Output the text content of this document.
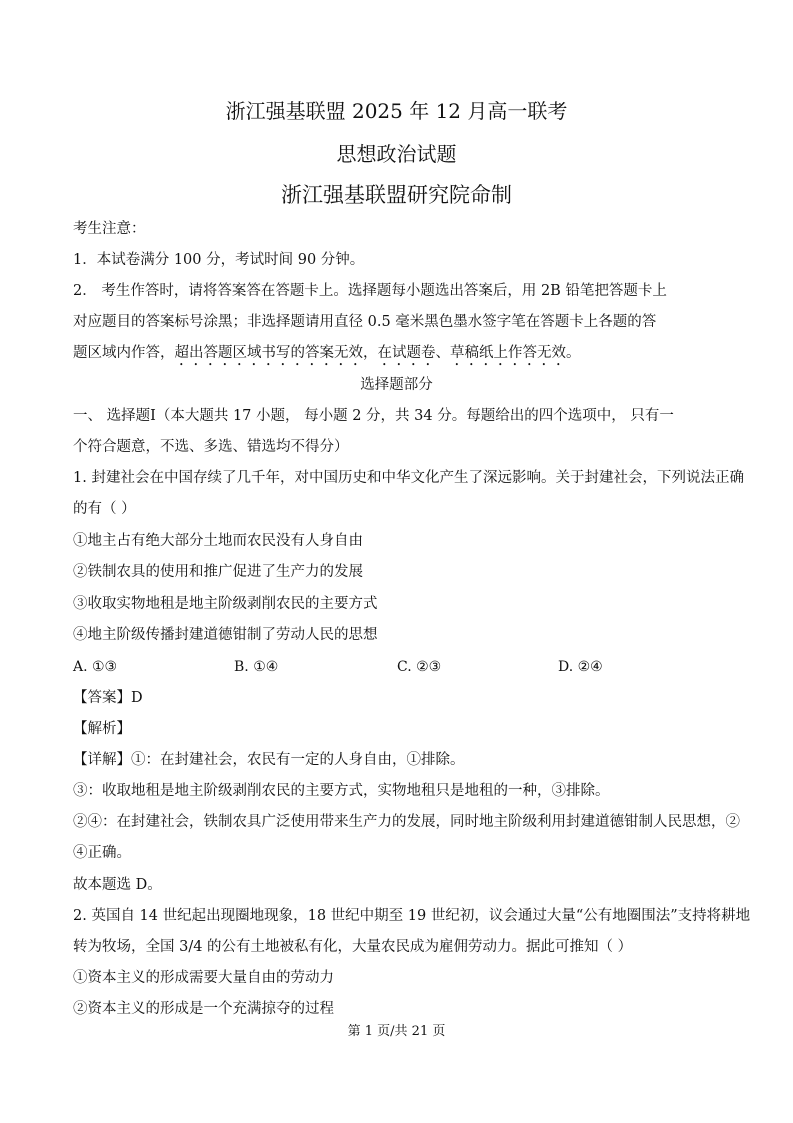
浙江强基联盟 2025 年 12 月高一联考
思想政治试题
浙江强基联盟研究院命制
考生注意：
1．本试卷满分 100 分，考试时间 90 分钟。
2． 考生作答时，请将答案答在答题卡上。选择题每小题选出答案后，用 2B 铅笔把答题卡上
对应题目的答案标号涂黑；非选择题请用直径 0.5 毫米黑色墨水签字笔在答题卡上各题的答
题区域内作答，超出答题区域书写的答案无效，在试题卷、草稿纸上作答无效。
选择题部分
一、 选择题Ⅰ（本大题共 17 小题， 每小题 2 分，共 34 分。每题给出的四个选项中， 只有一
个符合题意，不选、多选、错选均不得分）
1. 封建社会在中国存续了几千年，对中国历史和中华文化产生了深远影响。关于封建社会，下列说法正确
的有（ ）
①地主占有绝大部分土地而农民没有人身自由
②铁制农具的使用和推广促进了生产力的发展
③收取实物地租是地主阶级剥削农民的主要方式
④地主阶级传播封建道德钳制了劳动人民的思想
A. ①③	B. ①④	C. ②③	D. ②④
【答案】D
【解析】
【详解】①：在封建社会，农民有一定的人身自由，①排除。
③：收取地租是地主阶级剥削农民的主要方式，实物地租只是地租的一种，③排除。
②④：在封建社会，铁制农具广泛使用带来生产力的发展，同时地主阶级利用封建道德钳制人民思想，②
④正确。
故本题选 D。
2. 英国自 14 世纪起出现圈地现象，18 世纪中期至 19 世纪初，议会通过大量“公有地圈围法”支持将耕地
转为牧场，全国 3/4 的公有土地被私有化，大量农民成为雇佣劳动力。据此可推知（ ）
①资本主义的形成需要大量自由的劳动力
②资本主义的形成是一个充满掠夺的过程
第 1 页/共 21 页
